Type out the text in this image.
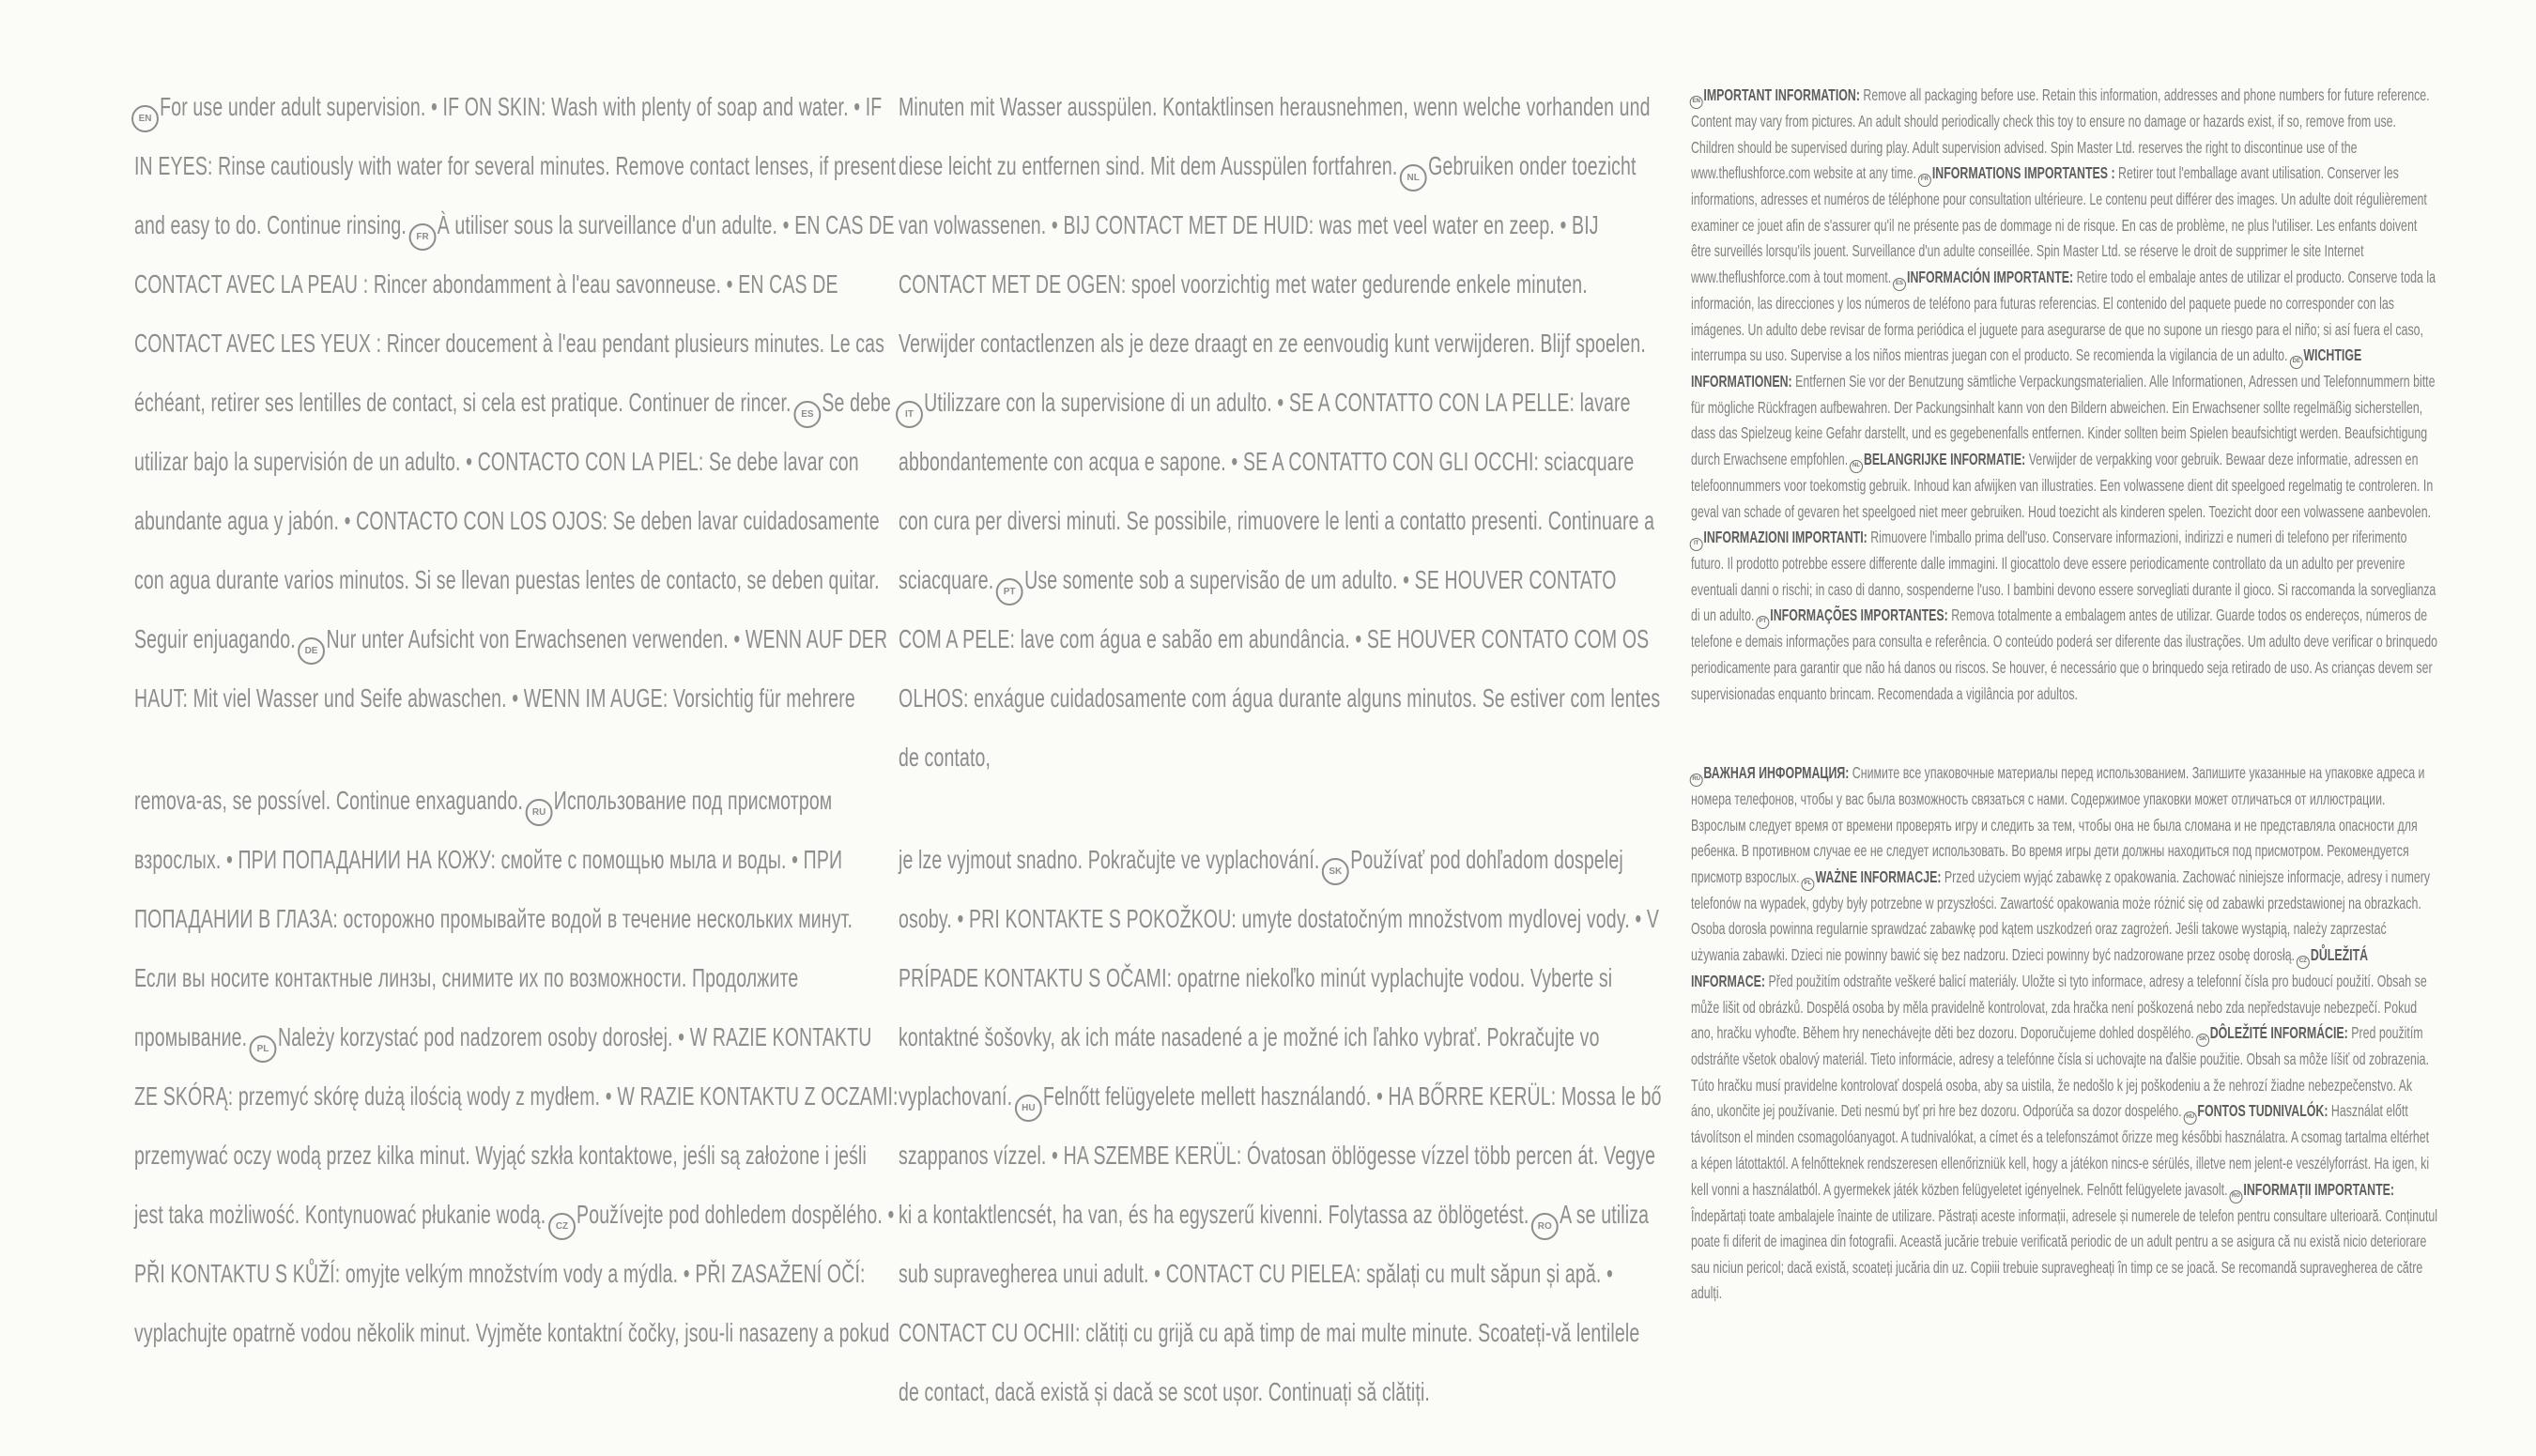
EN For use under adult supervision. • IF ON SKIN: Wash with plenty of soap and water. • IF IN EYES: Rinse cautiously with water for several minutes. Remove contact lenses, if present and easy to do. Continue rinsing. FR À utiliser sous la surveillance d'un adulte. • EN CAS DE CONTACT AVEC LA PEAU : Rincer abondamment à l'eau savonneuse. • EN CAS DE CONTACT AVEC LES YEUX : Rincer doucement à l'eau pendant plusieurs minutes. Le cas échéant, retirer ses lentilles de contact, si cela est pratique. Continuer de rincer. ES Se debe utilizar bajo la supervisión de un adulto. • CONTACTO CON LA PIEL: Se debe lavar con abundante agua y jabón. • CONTACTO CON LOS OJOS: Se deben lavar cuidadosamente con agua durante varios minutos. Si se llevan puestas lentes de contacto, se deben quitar. Seguir enjuagando. DE Nur unter Aufsicht von Erwachsenen verwenden. • WENN AUF DER HAUT: Mit viel Wasser und Seife abwaschen. • WENN IM AUGE: Vorsichtig für mehrere
remova-as, se possível. Continue enxaguando. RU Использование под присмотром взрослых. • ПРИ ПОПАДАНИИ НА КОЖУ: смойте с помощью мыла и воды. • ПРИ ПОПАДАНИИ В ГЛАЗА: осторожно промывайте водой в течение нескольких минут. Если вы носите контактные линзы, снимите их по возможности. Продолжите промывание. PL Należy korzystać pod nadzorem osoby dorosłej. • W RAZIE KONTAKTU ZE SKÓRĄ: przemyć skórę dużą ilością wody z mydłem. • W RAZIE KONTAKTU Z OCZAMI: przemywać oczy wodą przez kilka minut. Wyjąć szkła kontaktowe, jeśli są założone i jeśli jest taka możliwość. Kontynuować płukanie wodą. CZ Používejte pod dohledem dospělého. • PŘI KONTAKTU S KŮŽÍ: omyjte velkým množstvím vody a mýdla. • PŘI ZASAŽENÍ OČÍ: vyplachujte opatrně vodou několik minut. Vyjměte kontaktní čočky, jsou-li nasazeny a pokud
Minuten mit Wasser ausspülen. Kontaktlinsen herausnehmen, wenn welche vorhanden und diese leicht zu entfernen sind. Mit dem Ausspülen fortfahren. NL Gebruiken onder toezicht van volwassenen. • BIJ CONTACT MET DE HUID: was met veel water en zeep. • BIJ CONTACT MET DE OGEN: spoel voorzichtig met water gedurende enkele minuten. Verwijder contactlenzen als je deze draagt en ze eenvoudig kunt verwijderen. Blijf spoelen. IT Utilizzare con la supervisione di un adulto. • SE A CONTATTO CON LA PELLE: lavare abbondantemente con acqua e sapone. • SE A CONTATTO CON GLI OCCHI: sciacquare con cura per diversi minuti. Se possibile, rimuovere le lenti a contatto presenti. Continuare a sciacquare. PT Use somente sob a supervisão de um adulto. • SE HOUVER CONTATO COM A PELE: lave com água e sabão em abundância. • SE HOUVER CONTATO COM OS OLHOS: enxágue cuidadosamente com água durante alguns minutos. Se estiver com lentes de contato,
je lze vyjmout snadno. Pokračujte ve vyplachování. SK Používať pod dohľadom dospelej osoby. • PRI KONTAKTE S POKOŽKOU: umyte dostatočným množstvom mydlovej vody. • V PRÍPADE KONTAKTU S OČAMI: opatrne niekoľko minút vyplachujte vodou. Vyberte si kontaktné šošovky, ak ich máte nasadené a je možné ich ľahko vybrať. Pokračujte vo vyplachovaní. HU Felnőtt felügyelete mellett használandó. • HA BŐRRE KERÜL: Mossa le bő szappanos vízzel. • HA SZEMBE KERÜL: Óvatosan öblögesse vízzel több percen át. Vegye ki a kontaktlencsét, ha van, és ha egyszerű kivenni. Folytassa az öblögetést. RO A se utiliza sub supravegherea unui adult. • CONTACT CU PIELEA: spălați cu mult săpun și apă. • CONTACT CU OCHII: clătiți cu grijă cu apă timp de mai multe minute. Scoateți-vă lentilele de contact, dacă există și dacă se scot ușor. Continuați să clătiți.
EN IMPORTANT INFORMATION: Remove all packaging before use. Retain this information, addresses and phone numbers for future reference. Content may vary from pictures. An adult should periodically check this toy to ensure no damage or hazards exist, if so, remove from use. Children should be supervised during play. Adult supervision advised. Spin Master Ltd. reserves the right to discontinue use of the www.theflushforce.com website at any time. FR INFORMATIONS IMPORTANTES : Retirer tout l'emballage avant utilisation. Conserver les informations, adresses et numéros de téléphone pour consultation ultérieure. Le contenu peut différer des images. Un adulte doit régulièrement examiner ce jouet afin de s'assurer qu'il ne présente pas de dommage ni de risque. En cas de problème, ne plus l'utiliser. Les enfants doivent être surveillés lorsqu'ils jouent. Surveillance d'un adulte conseillée. Spin Master Ltd. se réserve le droit de supprimer le site Internet www.theflushforce.com à tout moment. ES INFORMACIÓN IMPORTANTE: Retire todo el embalaje antes de utilizar el producto. Conserve toda la información, las direcciones y los números de teléfono para futuras referencias. El contenido del paquete puede no corresponder con las imágenes. Un adulto debe revisar de forma periódica el juguete para asegurarse de que no supone un riesgo para el niño; si así fuera el caso, interrumpa su uso. Supervise a los niños mientras juegan con el producto. Se recomienda la vigilancia de un adulto. DE WICHTIGE INFORMATIONEN: Entfernen Sie vor der Benutzung sämtliche Verpackungsmaterialien. Alle Informationen, Adressen und Telefonnummern bitte für mögliche Rückfragen aufbewahren. Der Packungsinhalt kann von den Bildern abweichen. Ein Erwachsener sollte regelmäßig sicherstellen, dass das Spielzeug keine Gefahr darstellt, und es gegebenenfalls entfernen. Kinder sollten beim Spielen beaufsichtigt werden. Beaufsichtigung durch Erwachsene empfohlen. NL BELANGRIJKE INFORMATIE: Verwijder de verpakking voor gebruik. Bewaar deze informatie, adressen en telefoonnummers voor toekomstig gebruik. Inhoud kan afwijken van illustraties. Een volwassene dient dit speelgoed regelmatig te controleren. In geval van schade of gevaren het speelgoed niet meer gebruiken. Houd toezicht als kinderen spelen. Toezicht door een volwassene aanbevolen. IT INFORMAZIONI IMPORTANTI: Rimuovere l'imballo prima dell'uso. Conservare informazioni, indirizzi e numeri di telefono per riferimento futuro. Il prodotto potrebbe essere differente dalle immagini. Il giocattolo deve essere periodicamente controllato da un adulto per prevenire eventuali danni o rischi; in caso di danno, sospenderne l'uso. I bambini devono essere sorvegliati durante il gioco. Si raccomanda la sorveglianza di un adulto. PT INFORMAÇÕES IMPORTANTES: Remova totalmente a embalagem antes de utilizar. Guarde todos os endereços, números de telefone e demais informações para consulta e referência. O conteúdo poderá ser diferente das ilustrações. Um adulto deve verificar o brinquedo periodicamente para garantir que não há danos ou riscos. Se houver, é necessário que o brinquedo seja retirado de uso. As crianças devem ser supervisionadas enquanto brincam. Recomendada a vigilância por adultos.
RU ВАЖНАЯ ИНФОРМАЦИЯ: Снимите все упаковочные материалы перед использованием. Запишите указанные на упаковке адреса и номера телефонов, чтобы у вас была возможность связаться с нами. Содержимое упаковки может отличаться от иллюстрации. Взрослым следует время от времени проверять игру и следить за тем, чтобы она не была сломана и не представляла опасности для ребенка. В противном случае ее не следует использовать. Во время игры дети должны находиться под присмотром. Рекомендуется присмотр взрослых. PL WAŻNE INFORMACJE: Przed użyciem wyjąć zabawkę z opakowania. Zachować niniejsze informacje, adresy i numery telefonów na wypadek, gdyby były potrzebne w przyszłości. Zawartość opakowania może różnić się od zabawki przedstawionej na obrazkach. Osoba dorosła powinna regularnie sprawdzać zabawkę pod kątem uszkodzeń oraz zagrożeń. Jeśli takowe wystąpią, należy zaprzestać używania zabawki. Dzieci nie powinny bawić się bez nadzoru. Dzieci powinny być nadzorowane przez osobę dorosłą. CZ DŮLEŽITÁ INFORMACE: Před použitím odstraňte veškeré balicí materiály. Uložte si tyto informace, adresy a telefonní čísla pro budoucí použití. Obsah se může lišit od obrázků. Dospělá osoba by měla pravidelně kontrolovat, zda hračka není poškozená nebo zda nepředstavuje nebezpečí. Pokud ano, hračku vyhoďte. Během hry nenechávejte děti bez dozoru. Doporučujeme dohled dospělého. SK DÔLEŽITÉ INFORMÁCIE: Pred použitím odstráňte všetok obalový materiál. Tieto informácie, adresy a telefónne čísla si uchovajte na ďalšie použitie. Obsah sa môže líšiť od zobrazenia. Túto hračku musí pravidelne kontrolovať dospelá osoba, aby sa uistila, že nedošlo k jej poškodeniu a že nehrozí žiadne nebezpečenstvo. Ak áno, ukončite jej používanie. Deti nesmú byť pri hre bez dozoru. Odporúča sa dozor dospelého. HU FONTOS TUDNIVALÓK: Használat előtt távolítson el minden csomagolóanyagot. A tudnivalókat, a címet és a telefonszámot őrizze meg későbbi használatra. A csomag tartalma eltérhet a képen látottaktól. A felnőtteknek rendszeresen ellenőrizniük kell, hogy a játékon nincs-e sérülés, illetve nem jelent-e veszélyforrást. Ha igen, ki kell vonni a használatból. A gyermekek játék közben felügyeletet igényelnek. Felnőtt felügyelete javasolt. RO INFORMAȚII IMPORTANTE: Îndepărtați toate ambalajele înainte de utilizare. Păstrați aceste informații, adresele și numerele de telefon pentru consultare ulterioară. Conținutul poate fi diferit de imaginea din fotografii. Această jucărie trebuie verificată periodic de un adult pentru a se asigura că nu există nicio deteriorare sau niciun pericol; dacă există, scoateți jucăria din uz. Copiii trebuie supravegheați în timp ce se joacă. Se recomandă supravegherea de către adulți.
